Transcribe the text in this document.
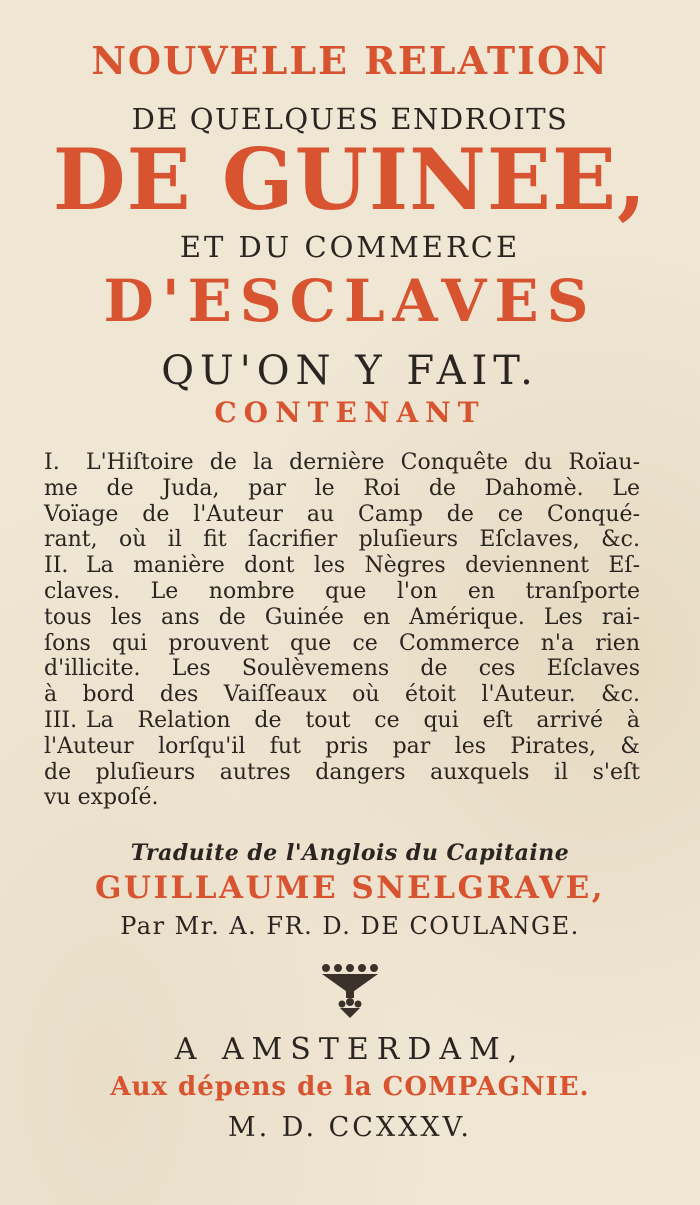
NOUVELLE RELATION
DE QUELQUES ENDROITS
DE GUINEE,
ET DU COMMERCE
D'ESCLAVES
QU'ON Y FAIT.
CONTENANT
I. L'Hiſtoire de la dernière Conquête du Roïau-
me de Juda, par le Roi de Dahomè. Le
Voïage de l'Auteur au Camp de ce Conqué-
rant, où il fit ſacrifier pluſieurs Eſclaves, &c.
II. La manière dont les Nègres deviennent Eſ-
claves. Le nombre que l'on en tranſporte
tous les ans de Guinée en Amérique. Les rai-
ſons qui prouvent que ce Commerce n'a rien
d'illicite. Les Soulèvemens de ces Eſclaves
à bord des Vaiſſeaux où étoit l'Auteur. &c.
III. La Relation de tout ce qui eſt arrivé à
l'Auteur lorſqu'il fut pris par les Pirates, &
de pluſieurs autres dangers auxquels il s'eſt
vu expoſé.
Traduite de l'Anglois du Capitaine
GUILLAUME SNELGRAVE,
Par Mr. A. FR. D. DE COULANGE.
A AMSTERDAM,
Aux dépens de la COMPAGNIE.
M. D. CCXXXV.
